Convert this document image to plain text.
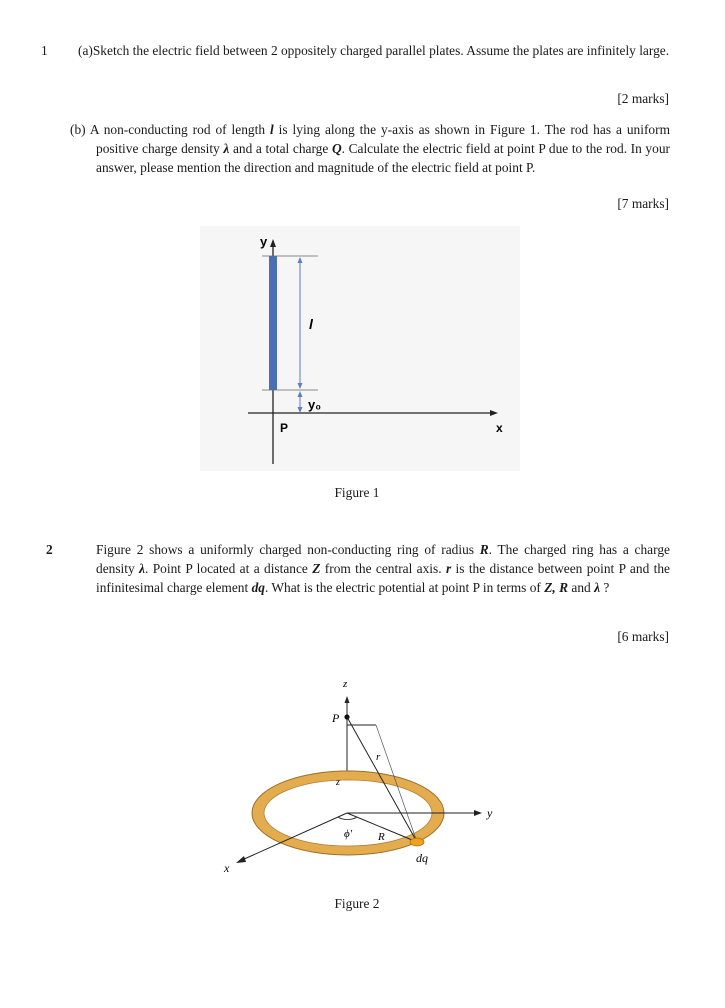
1 (a)Sketch the electric field between 2 oppositely charged parallel plates. Assume the plates are infinitely large.
[2 marks]
(b) A non-conducting rod of length l is lying along the y-axis as shown in Figure 1. The rod has a uniform positive charge density λ and a total charge Q. Calculate the electric field at point P due to the rod. In your answer, please mention the direction and magnitude of the electric field at point P.
[7 marks]
y
x
l
y₀
P
Figure 1
2	Figure 2 shows a uniformly charged non-conducting ring of radius R. The charged ring has a charge density λ. Point P located at a distance Z from the central axis. r is the distance between point P and the infinitesimal charge element dq. What is the electric potential at point P in terms of Z, R and λ ?
[6 marks]
z
P
r
z
y
x
R
ϕ'
dq
Figure 2
